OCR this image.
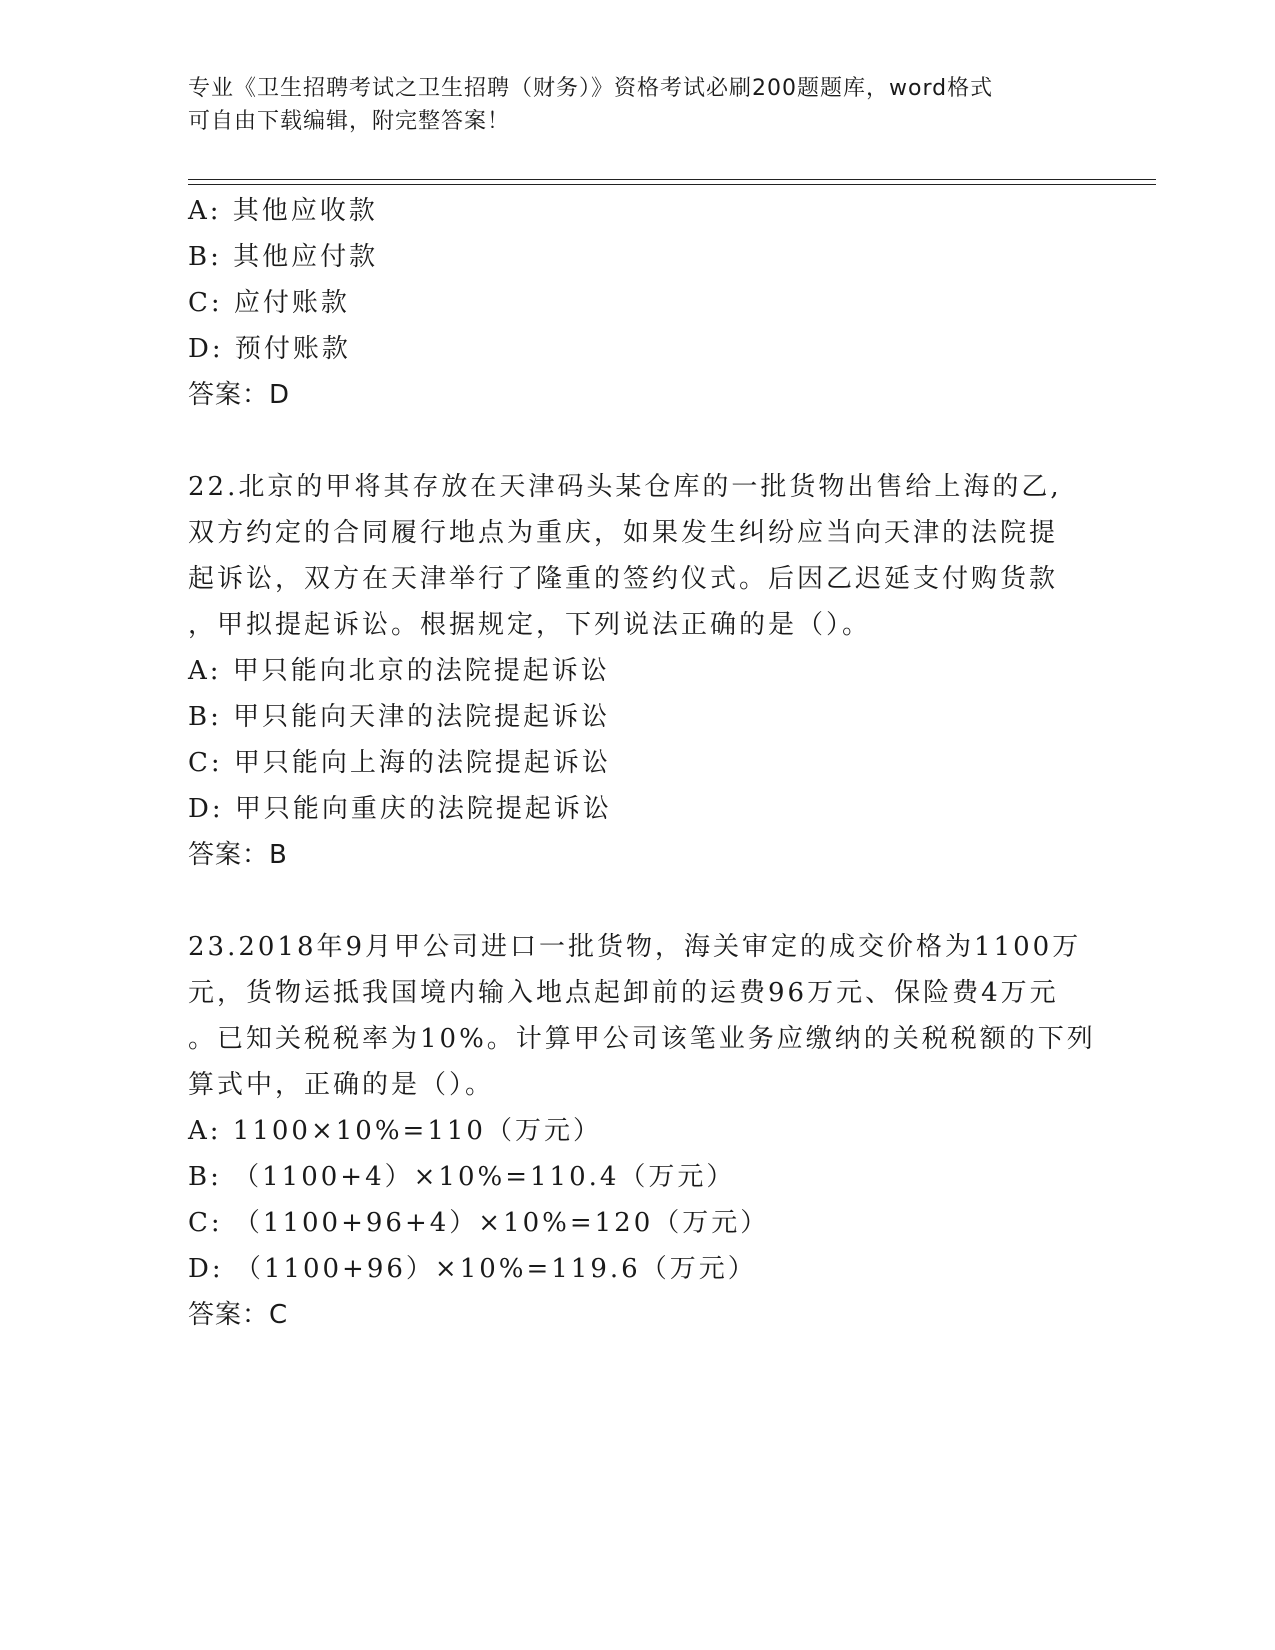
专业《卫生招聘考试之卫生招聘（财务）》资格考试必刷200题题库，word格式
可自由下载编辑，附完整答案！
A: 其他应收款
B: 其他应付款
C: 应付账款
D: 预付账款
答案：D
22.北京的甲将其存放在天津码头某仓库的一批货物出售给上海的乙,
双方约定的合同履行地点为重庆，如果发生纠纷应当向天津的法院提
起诉讼，双方在天津举行了隆重的签约仪式。后因乙迟延支付购货款
，甲拟提起诉讼。根据规定，下列说法正确的是（）。
A: 甲只能向北京的法院提起诉讼
B: 甲只能向天津的法院提起诉讼
C: 甲只能向上海的法院提起诉讼
D: 甲只能向重庆的法院提起诉讼
答案：B
23.2018年9月甲公司进口一批货物，海关审定的成交价格为1100万
元，货物运抵我国境内输入地点起卸前的运费96万元、保险费4万元
。已知关税税率为10%。计算甲公司该笔业务应缴纳的关税税额的下列
算式中，正确的是（）。
A: 1100×10%=110（万元）
B: （1100+4）×10%=110.4（万元）
C: （1100+96+4）×10%=120（万元）
D: （1100+96）×10%=119.6（万元）
答案：C
